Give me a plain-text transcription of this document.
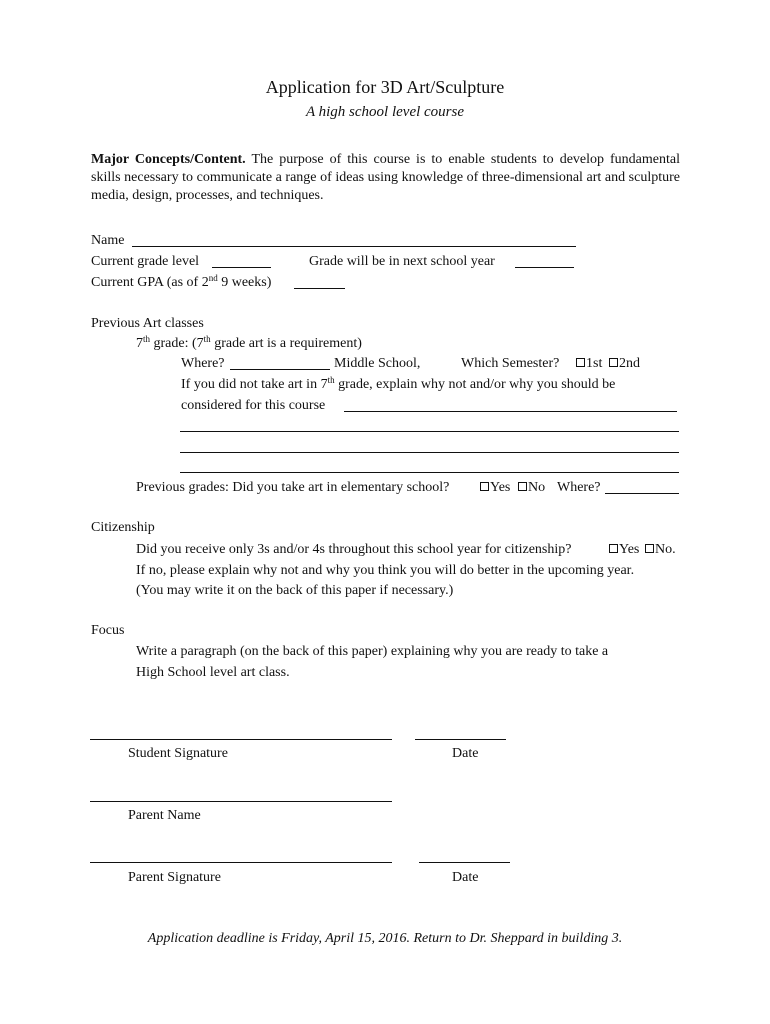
Application for 3D Art/Sculpture
A high school level course
Major Concepts/Content. The purpose of this course is to enable students to develop fundamental skills necessary to communicate a range of ideas using knowledge of three-dimensional art and sculpture media, design, processes, and techniques.
Name
Current grade level	Grade will be in next school year
Current GPA (as of 2nd 9 weeks)
Previous Art classes
7th grade: (7th grade art is a requirement)
Where?	Middle School,	Which Semester?	1st	2nd
If you did not take art in 7th grade, explain why not and/or why you should be
considered for this course
Previous grades: Did you take art in elementary school?	Yes	No Where?
Citizenship
Did you receive only 3s and/or 4s throughout this school year for citizenship?	Yes	No.
If no, please explain why not and why you think you will do better in the upcoming year.
(You may write it on the back of this paper if necessary.)
Focus
Write a paragraph (on the back of this paper) explaining why you are ready to take a
High School level art class.
Student Signature	Date
Parent Name
Parent Signature	Date
Application deadline is Friday, April 15, 2016. Return to Dr. Sheppard in building 3.
